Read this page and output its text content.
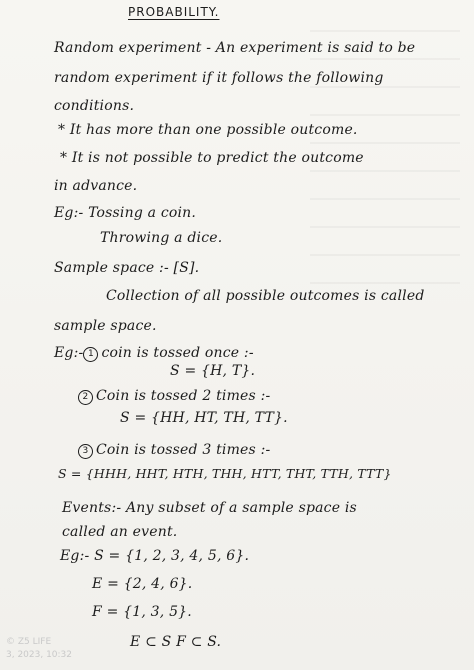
PROBABILITY.
Random experiment - An experiment is said to be
random experiment if it follows the following
conditions.
* It has more than one possible outcome.
* It is not possible to predict the outcome
in advance.
Eg:- Tossing a coin.
Throwing a dice.
Sample space :- [S].
Collection of all possible outcomes is called
sample space.
Eg:- 1 coin is tossed once :-
S = {H, T}.
2 Coin is tossed 2 times :-
S = {HH, HT, TH, TT}.
3 Coin is tossed 3 times :-
S = {HHH, HHT, HTH, THH, HTT, THT, TTH, TTT}
Events:- Any subset of a sample space is
called an event.
Eg:- S = {1, 2, 3, 4, 5, 6}.
E = {2, 4, 6}.
F = {1, 3, 5}.
E ⊂ S F ⊂ S.
© Z5 LIFE
3, 2023, 10:32
